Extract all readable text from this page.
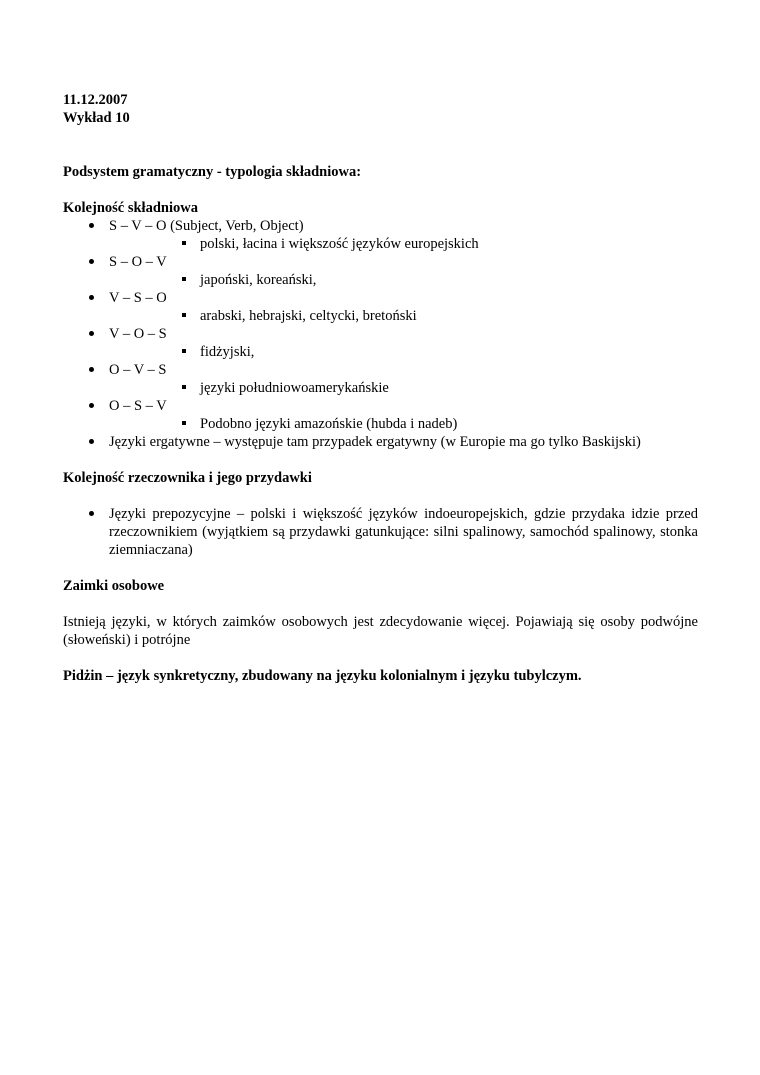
11.12.2007
Wykład 10
Podsystem gramatyczny - typologia składniowa:
Kolejność składniowa
S – V – O (Subject, Verb, Object)
polski, łacina i większość języków europejskich
S – O – V
japoński, koreański,
V – S – O
arabski, hebrajski, celtycki, bretoński
V – O – S
fidżyjski,
O – V – S
języki południowoamerykańskie
O – S – V
Podobno języki amazońskie (hubda i nadeb)
Języki ergatywne – występuje tam przypadek ergatywny (w Europie ma go tylko Baskijski)
Kolejność rzeczownika i jego przydawki
Języki prepozycyjne – polski i większość języków indoeuropejskich, gdzie przydaka idzie przed rzeczownikiem (wyjątkiem są przydawki gatunkujące: silni spalinowy, samochód spalinowy, stonka ziemniaczana)
Zaimki osobowe
Istnieją języki, w których zaimków osobowych jest zdecydowanie więcej. Pojawiają się osoby podwójne (słoweński) i potrójne
Pidżin – język synkretyczny, zbudowany na języku kolonialnym i języku tubylczym.
